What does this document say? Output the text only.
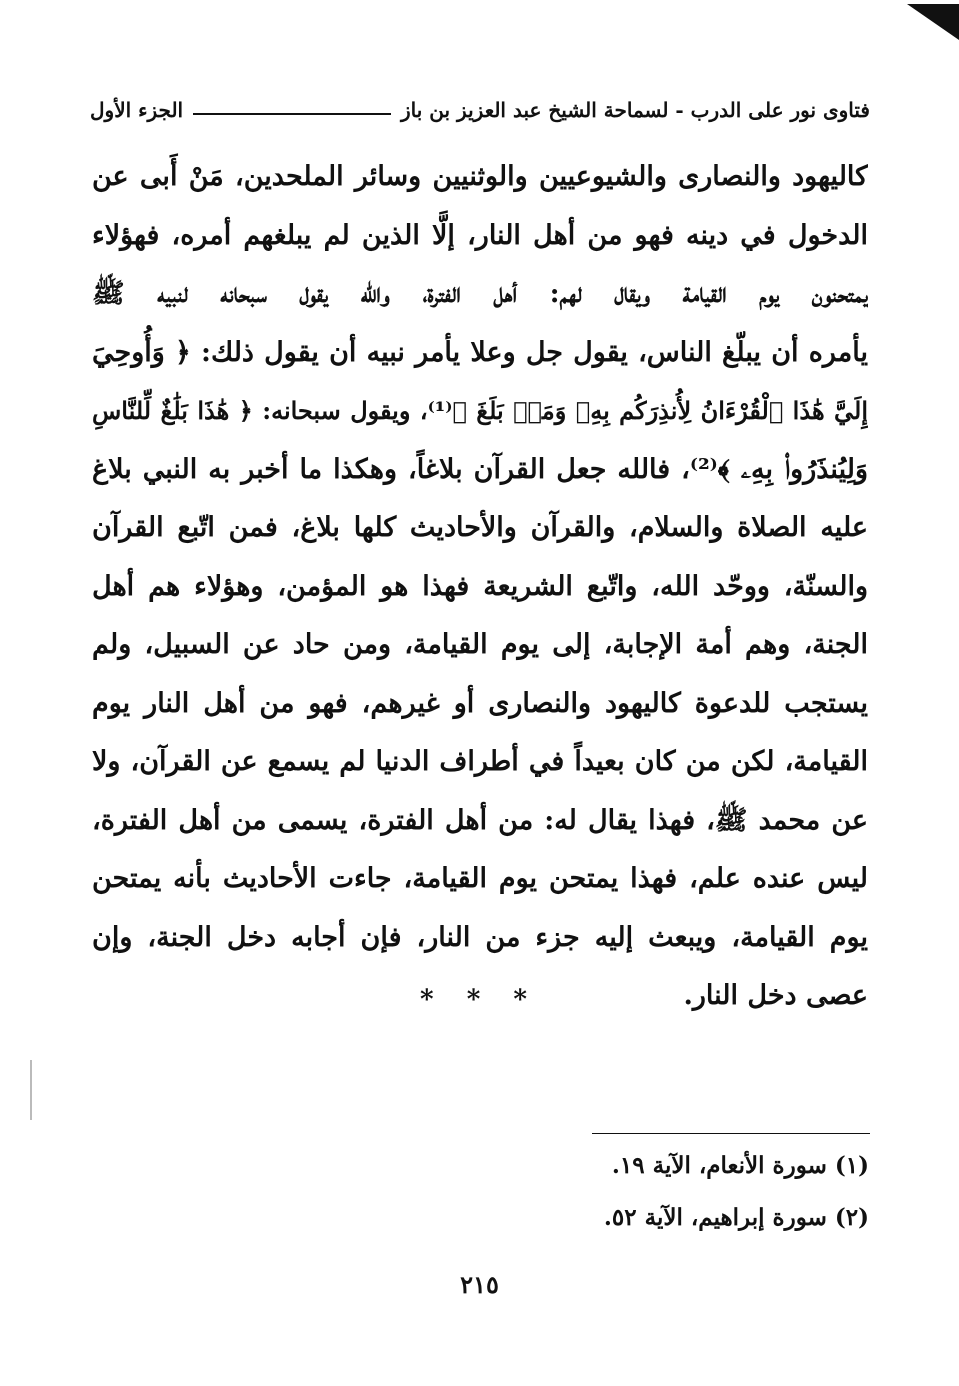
فتاوى نور على الدرب - لسماحة الشيخ عبد العزيز بن باز
الجزء الأول
كاليهود والنصارى والشيوعيين والوثنيين وسائر الملحدين، مَنْ أَبى عن
الدخول في دينه فهو من أهل النار، إلَّا الذين لم يبلغهم أمره، فهؤلاء
يمتحنون يوم القيامة ويقال لهم: أهل الفترة، والله يقول سبحانه لنبيه ﷺ
يأمره أن يبلّغ الناس، يقول جل وعلا يأمر نبيه أن يقول ذلك: ﴿ وَأُوحِيَ
إِلَيَّ هَٰذَا ٱلْقُرْءَانُ لِأُنذِرَكُم بِهِۦ وَمَنۢ بَلَغَ ﴾⁽¹⁾، ويقول سبحانه: ﴿ هَٰذَا بَلَٰغٌ لِّلنَّاسِ
وَلِيُنذَرُوا۟ بِهِۦ ﴾⁽²⁾، فالله جعل القرآن بلاغاً، وهكذا ما أخبر به النبي بلاغ
عليه الصلاة والسلام، والقرآن والأحاديث كلها بلاغ، فمن اتّبع القرآن
والسنّة، ووحّد الله، واتّبع الشريعة فهذا هو المؤمن، وهؤلاء هم أهل
الجنة، وهم أمة الإجابة، إلى يوم القيامة، ومن حاد عن السبيل، ولم
يستجب للدعوة كاليهود والنصارى أو غيرهم، فهو من أهل النار يوم
القيامة، لكن من كان بعيداً في أطراف الدنيا لم يسمع عن القرآن، ولا
عن محمد ﷺ، فهذا يقال له: من أهل الفترة، يسمى من أهل الفترة،
ليس عنده علم، فهذا يمتحن يوم القيامة، جاءت الأحاديث بأنه يمتحن
يوم القيامة، ويبعث إليه جزء من النار، فإن أجابه دخل الجنة، وإن
عصى دخل النار.
* * *
(١) سورة الأنعام، الآية ١٩.
(٢) سورة إبراهيم، الآية ٥٢.
٢١٥
